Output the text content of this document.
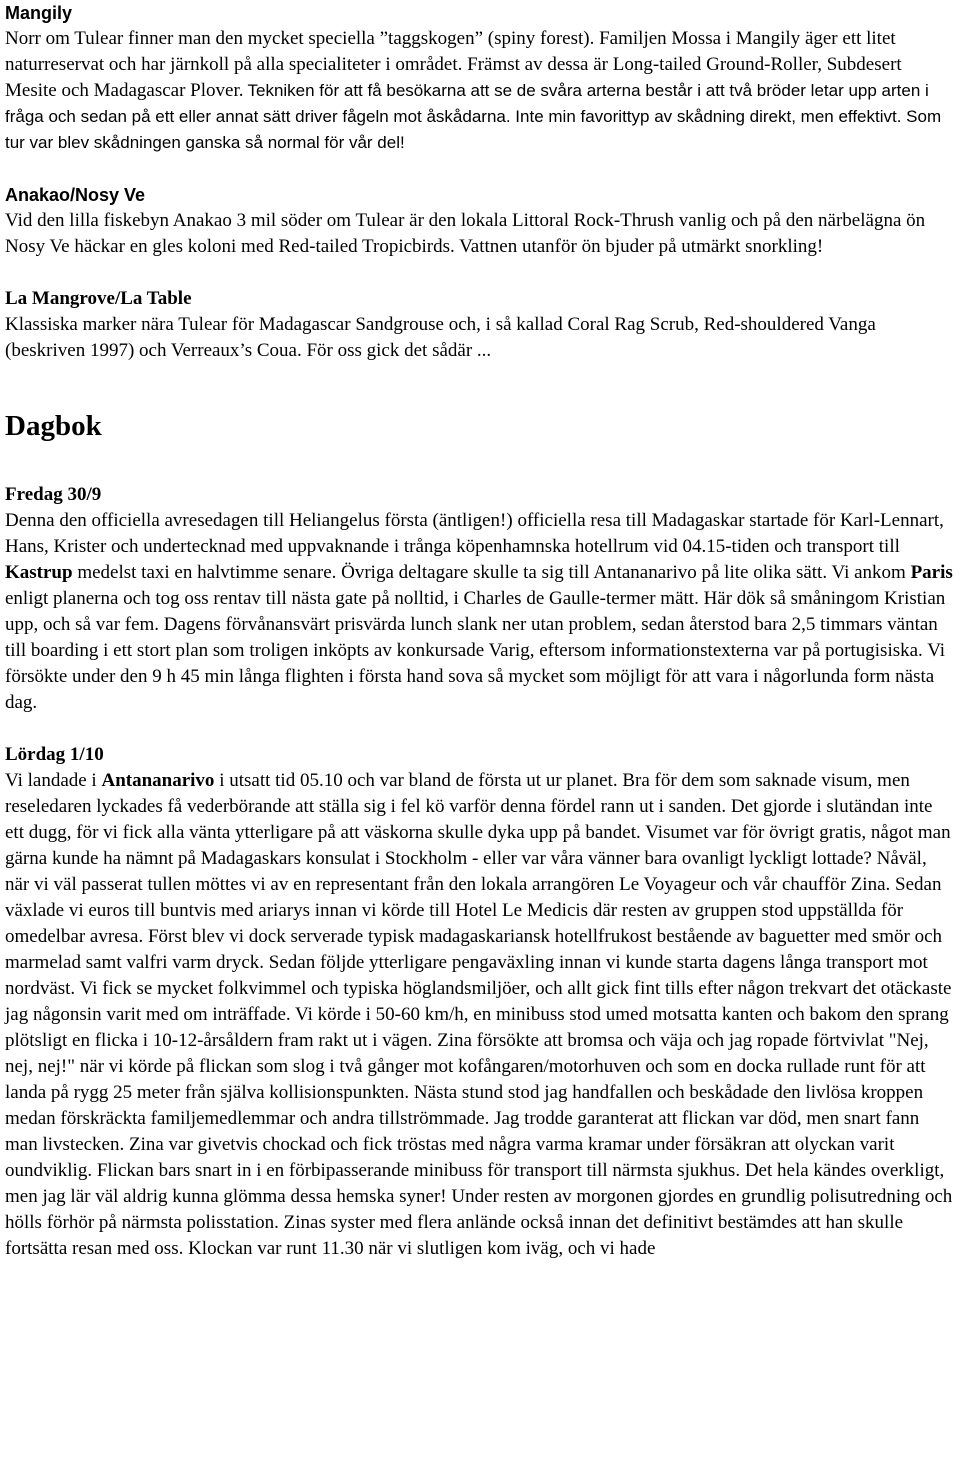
Mangily
Norr om Tulear finner man den mycket speciella ”taggskogen” (spiny forest). Familjen Mossa i Mangily äger ett litet naturreservat och har järnkoll på alla specialiteter i området. Främst av dessa är Long-tailed Ground-Roller, Subdesert Mesite och Madagascar Plover. Tekniken för att få besökarna att se de svåra arterna består i att två bröder letar upp arten i fråga och sedan på ett eller annat sätt driver fågeln mot åskådarna. Inte min favorittyp av skådning direkt, men effektivt. Som tur var blev skådningen ganska så normal för vår del!
Anakao/Nosy Ve
Vid den lilla fiskebyn Anakao 3 mil söder om Tulear är den lokala Littoral Rock-Thrush vanlig och på den närbelägna ön Nosy Ve häckar en gles koloni med Red-tailed Tropicbirds. Vattnen utanför ön bjuder på utmärkt snorkling!
La Mangrove/La Table
Klassiska marker nära Tulear för Madagascar Sandgrouse och, i så kallad Coral Rag Scrub, Red-shouldered Vanga (beskriven 1997) och Verreaux’s Coua. För oss gick det sådär ...
Dagbok
Fredag 30/9
Denna den officiella avresedagen till Heliangelus första (äntligen!) officiella resa till Madagaskar startade för Karl-Lennart, Hans, Krister och undertecknad med uppvaknande i trånga köpenhamnska hotellrum vid 04.15-tiden och transport till Kastrup medelst taxi en halvtimme senare. Övriga deltagare skulle ta sig till Antananarivo på lite olika sätt. Vi ankom Paris enligt planerna och tog oss rentav till nästa gate på nolltid, i Charles de Gaulle-termer mätt. Här dök så småningom Kristian upp, och så var fem. Dagens förvånansvärt prisvärda lunch slank ner utan problem, sedan återstod bara 2,5 timmars väntan till boarding i ett stort plan som troligen inköpts av konkursade Varig, eftersom informationstexterna var på portugisiska. Vi försökte under den 9 h 45 min långa flighten i första hand sova så mycket som möjligt för att vara i någorlunda form nästa dag.
Lördag 1/10
Vi landade i Antananarivo i utsatt tid 05.10 och var bland de första ut ur planet. Bra för dem som saknade visum, men reseledaren lyckades få vederbörande att ställa sig i fel kö varför denna fördel rann ut i sanden. Det gjorde i slutändan inte ett dugg, för vi fick alla vänta ytterligare på att väskorna skulle dyka upp på bandet. Visumet var för övrigt gratis, något man gärna kunde ha nämnt på Madagaskars konsulat i Stockholm - eller var våra vänner bara ovanligt lyckligt lottade? Nåväl, när vi väl passerat tullen möttes vi av en representant från den lokala arrangören Le Voyageur och vår chaufför Zina. Sedan växlade vi euros till buntvis med ariarys innan vi körde till Hotel Le Medicis där resten av gruppen stod uppställda för omedelbar avresa. Först blev vi dock serverade typisk madagaskariansk hotellfrukost bestående av baguetter med smör och marmelad samt valfri varm dryck. Sedan följde ytterligare pengaväxling innan vi kunde starta dagens långa transport mot nordväst. Vi fick se mycket folkvimmel och typiska höglandsmiljöer, och allt gick fint tills efter någon trekvart det otäckaste jag någonsin varit med om inträffade. Vi körde i 50-60 km/h, en minibuss stod umed motsatta kanten och bakom den sprang plötsligt en flicka i 10-12-årsåldern fram rakt ut i vägen. Zina försökte att bromsa och väja och jag ropade förtvivlat "Nej, nej, nej!" när vi körde på flickan som slog i två gånger mot kofångaren/motorhuven och som en docka rullade runt för att landa på rygg 25 meter från själva kollisionspunkten. Nästa stund stod jag handfallen och beskådade den livlösa kroppen medan förskräckta familjemedlemmar och andra tillströmmade. Jag trodde garanterat att flickan var död, men snart fann man livstecken. Zina var givetvis chockad och fick tröstas med några varma kramar under försäkran att olyckan varit oundviklig. Flickan bars snart in i en förbipasserande minibuss för transport till närmsta sjukhus. Det hela kändes overkligt, men jag lär väl aldrig kunna glömma dessa hemska syner! Under resten av morgonen gjordes en grundlig polisutredning och hölls förhör på närmsta polisstation. Zinas syster med flera anlände också innan det definitivt bestämdes att han skulle fortsätta resan med oss. Klockan var runt 11.30 när vi slutligen kom iväg, och vi hade
